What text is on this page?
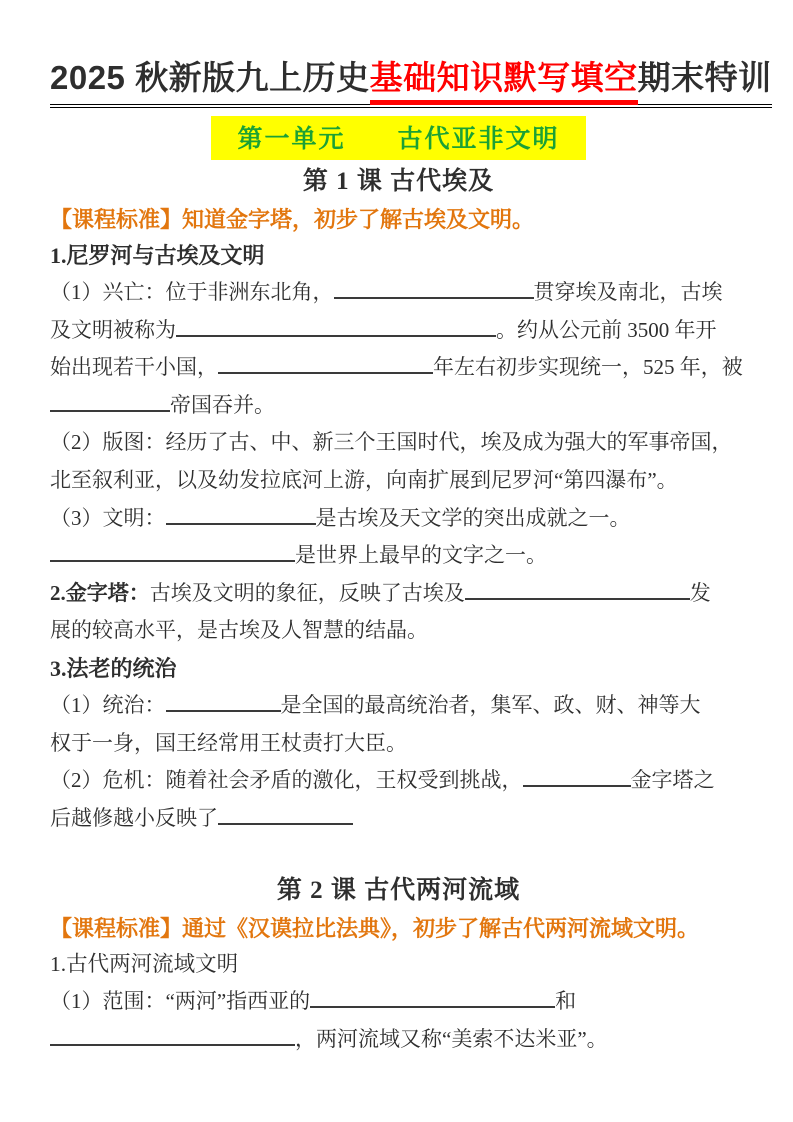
2025 秋新版九上历史基础知识默写填空期末特训
第一单元 古代亚非文明
第 1 课 古代埃及
【课程标准】知道金字塔，初步了解古埃及文明。
1.尼罗河与古埃及文明
（1）兴亡：位于非洲东北角，	贯穿埃及南北，古埃
及文明被称为	。约从公元前 3500 年开
始出现若干小国，	年左右初步实现统一，525 年，被
帝国吞并。
（2）版图：经历了古、中、新三个王国时代，埃及成为强大的军事帝国，
北至叙利亚，以及幼发拉底河上游，向南扩展到尼罗河“第四瀑布”。
（3）文明：	是古埃及天文学的突出成就之一。
是世界上最早的文字之一。
2.金字塔：古埃及文明的象征，反映了古埃及	发
展的较高水平，是古埃及人智慧的结晶。
3.法老的统治
（1）统治：	是全国的最高统治者，集军、政、财、神等大
权于一身，国王经常用王杖责打大臣。
（2）危机：随着社会矛盾的激化，王权受到挑战，	金字塔之
后越修越小反映了
第 2 课 古代两河流域
【课程标准】通过《汉谟拉比法典》，初步了解古代两河流域文明。
1.古代两河流域文明
（1）范围：“两河”指西亚的	和
，两河流域又称“美索不达米亚”。
